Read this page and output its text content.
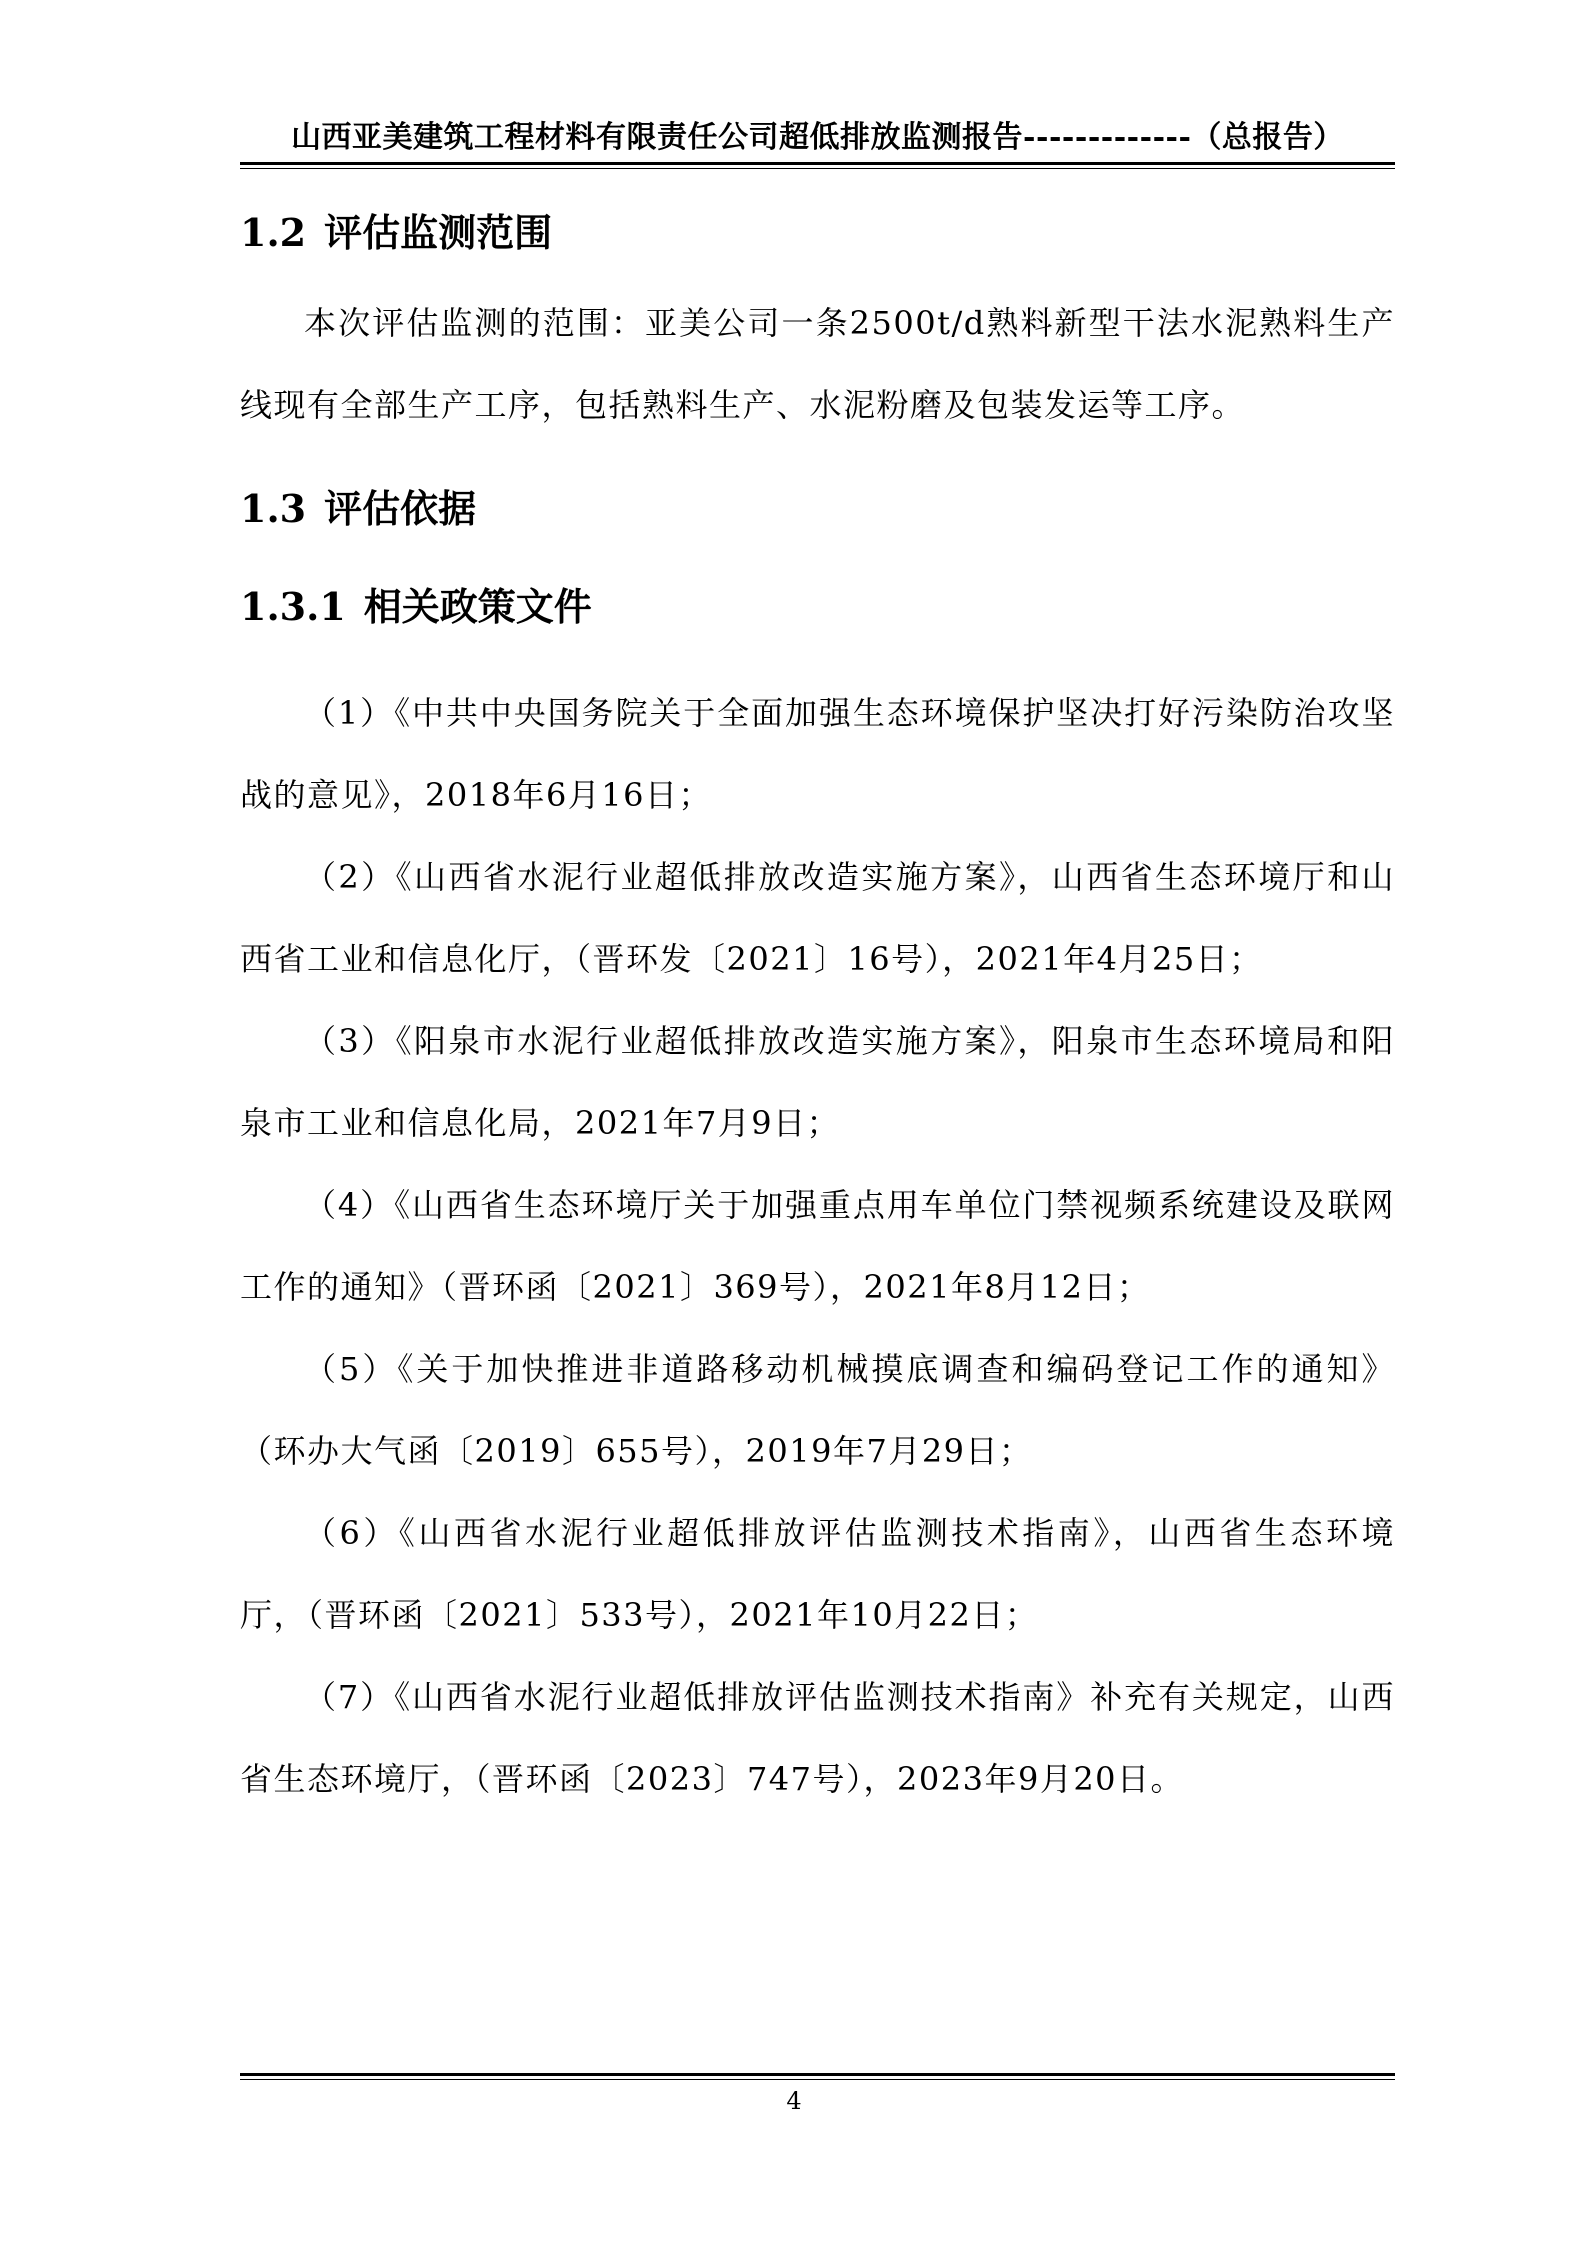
山西亚美建筑工程材料有限责任公司超低排放监测报告-------------（总报告）
1.2 评估监测范围

本次评估监测的范围：亚美公司一条2500t/d熟料新型干法水泥熟料生产线现有全部生产工序，包括熟料生产、水泥粉磨及包装发运等工序。

1.3 评估依据
1.3.1 相关政策文件

（1）《中共中央国务院关于全面加强生态环境保护坚决打好污染防治攻坚战的意见》，2018年6月16日；

（2）《山西省水泥行业超低排放改造实施方案》，山西省生态环境厅和山西省工业和信息化厅，（晋环发〔2021〕16号），2021年4月25日；

（3）《阳泉市水泥行业超低排放改造实施方案》，阳泉市生态环境局和阳泉市工业和信息化局，2021年7月9日；

（4）《山西省生态环境厅关于加强重点用车单位门禁视频系统建设及联网工作的通知》（晋环函〔2021〕369号），2021年8月12日；

（5）《关于加快推进非道路移动机械摸底调查和编码登记工作的通知》（环办大气函〔2019〕655号），2019年7月29日；

（6）《山西省水泥行业超低排放评估监测技术指南》，山西省生态环境厅，（晋环函〔2021〕533号），2021年10月22日；

（7）《山西省水泥行业超低排放评估监测技术指南》补充有关规定，山西省生态环境厅，（晋环函〔2023〕747号），2023年9月20日。

4
